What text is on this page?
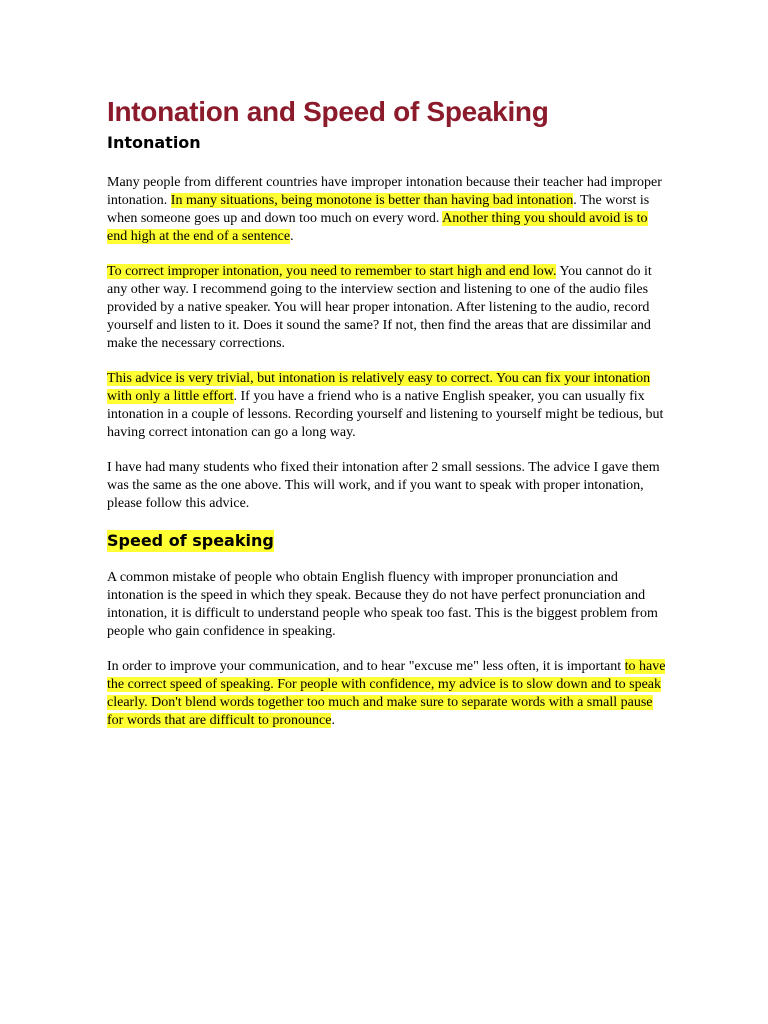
Intonation and Speed of Speaking
Intonation

Many people from different countries have improper intonation because their teacher had improper intonation. In many situations, being monotone is better than having bad intonation. The worst is when someone goes up and down too much on every word. Another thing you should avoid is to end high at the end of a sentence.

To correct improper intonation, you need to remember to start high and end low. You cannot do it any other way. I recommend going to the interview section and listening to one of the audio files provided by a native speaker. You will hear proper intonation. After listening to the audio, record yourself and listen to it. Does it sound the same? If not, then find the areas that are dissimilar and make the necessary corrections.

This advice is very trivial, but intonation is relatively easy to correct. You can fix your intonation with only a little effort. If you have a friend who is a native English speaker, you can usually fix intonation in a couple of lessons. Recording yourself and listening to yourself might be tedious, but having correct intonation can go a long way.

I have had many students who fixed their intonation after 2 small sessions. The advice I gave them was the same as the one above. This will work, and if you want to speak with proper intonation, please follow this advice.

Speed of speaking

A common mistake of people who obtain English fluency with improper pronunciation and intonation is the speed in which they speak. Because they do not have perfect pronunciation and intonation, it is difficult to understand people who speak too fast. This is the biggest problem from people who gain confidence in speaking.

In order to improve your communication, and to hear "excuse me" less often, it is important to have the correct speed of speaking. For people with confidence, my advice is to slow down and to speak clearly. Don't blend words together too much and make sure to separate words with a small pause for words that are difficult to pronounce.
